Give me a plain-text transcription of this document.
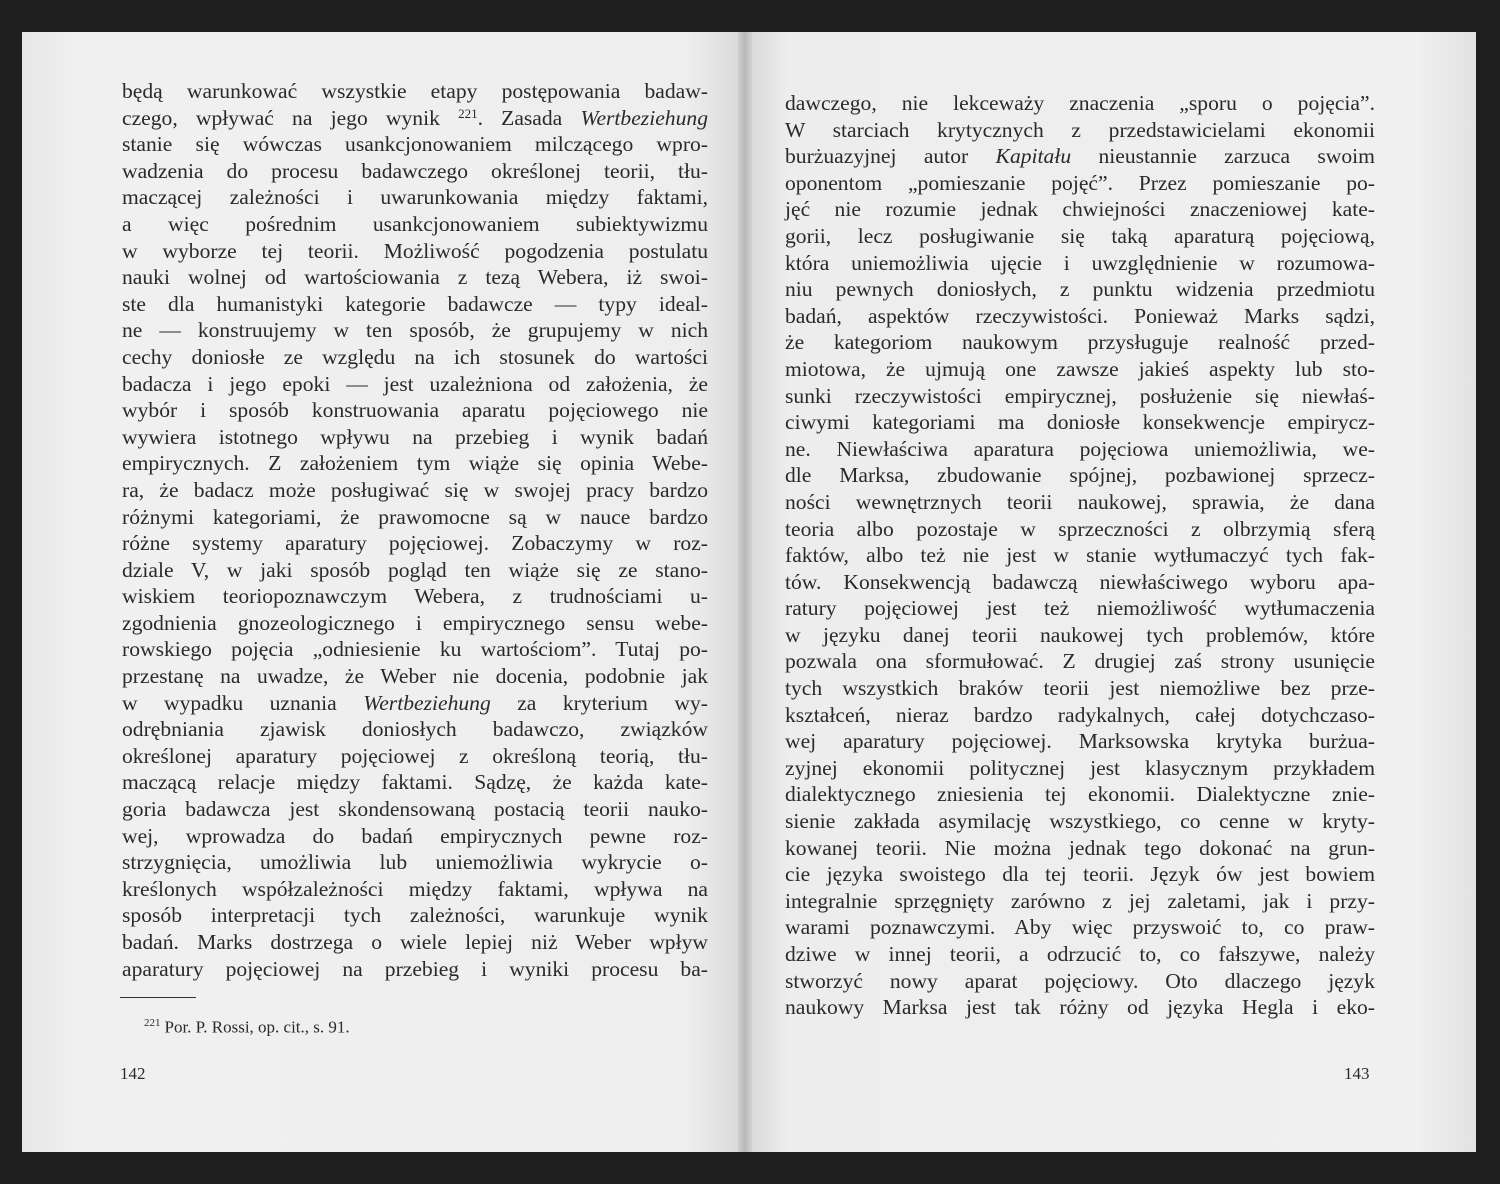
będą warunkować wszystkie etapy postępowania badaw-
czego, wpływać na jego wynik $^{221}$. Zasada Wertbeziehung
stanie się wówczas usankcjonowaniem milczącego wpro-
wadzenia do procesu badawczego określonej teorii, tłu-
maczącej zależności i uwarunkowania między faktami,
a więc pośrednim usankcjonowaniem subiektywizmu
w wyborze tej teorii. Możliwość pogodzenia postulatu
nauki wolnej od wartościowania z tezą Webera, iż swoi-
ste dla humanistyki kategorie badawcze — typy ideal-
ne — konstruujemy w ten sposób, że grupujemy w nich
cechy doniosłe ze względu na ich stosunek do wartości
badacza i jego epoki — jest uzależniona od założenia, że
wybór i sposób konstruowania aparatu pojęciowego nie
wywiera istotnego wpływu na przebieg i wynik badań
empirycznych. Z założeniem tym wiąże się opinia Webe-
ra, że badacz może posługiwać się w swojej pracy bardzo
różnymi kategoriami, że prawomocne są w nauce bardzo
różne systemy aparatury pojęciowej. Zobaczymy w roz-
dziale V, w jaki sposób pogląd ten wiąże się ze stano-
wiskiem teoriopoznawczym Webera, z trudnościami u-
zgodnienia gnozeologicznego i empirycznego sensu webe-
rowskiego pojęcia „odniesienie ku wartościom”. Tutaj po-
przestanę na uwadze, że Weber nie docenia, podobnie jak
w wypadku uznania Wertbeziehung za kryterium wy-
odrębniania zjawisk doniosłych badawczo, związków
określonej aparatury pojęciowej z określoną teorią, tłu-
maczącą relacje między faktami. Sądzę, że każda kate-
goria badawcza jest skondensowaną postacią teorii nauko-
wej, wprowadza do badań empirycznych pewne roz-
strzygnięcia, umożliwia lub uniemożliwia wykrycie o-
kreślonych współzależności między faktami, wpływa na
sposób interpretacji tych zależności, warunkuje wynik
badań. Marks dostrzega o wiele lepiej niż Weber wpływ
aparatury pojęciowej na przebieg i wyniki procesu ba-
$^{221}$ Por. P. Rossi, op. cit., s. 91.
142
dawczego, nie lekceważy znaczenia „sporu o pojęcia”.
W starciach krytycznych z przedstawicielami ekonomii
burżuazyjnej autor Kapitału nieustannie zarzuca swoim
oponentom „pomieszanie pojęć”. Przez pomieszanie po-
jęć nie rozumie jednak chwiejności znaczeniowej kate-
gorii, lecz posługiwanie się taką aparaturą pojęciową,
która uniemożliwia ujęcie i uwzględnienie w rozumowa-
niu pewnych doniosłych, z punktu widzenia przedmiotu
badań, aspektów rzeczywistości. Ponieważ Marks sądzi,
że kategoriom naukowym przysługuje realność przed-
miotowa, że ujmują one zawsze jakieś aspekty lub sto-
sunki rzeczywistości empirycznej, posłużenie się niewłaś-
ciwymi kategoriami ma doniosłe konsekwencje empirycz-
ne. Niewłaściwa aparatura pojęciowa uniemożliwia, we-
dle Marksa, zbudowanie spójnej, pozbawionej sprzecz-
ności wewnętrznych teorii naukowej, sprawia, że dana
teoria albo pozostaje w sprzeczności z olbrzymią sferą
faktów, albo też nie jest w stanie wytłumaczyć tych fak-
tów. Konsekwencją badawczą niewłaściwego wyboru apa-
ratury pojęciowej jest też niemożliwość wytłumaczenia
w języku danej teorii naukowej tych problemów, które
pozwala ona sformułować. Z drugiej zaś strony usunięcie
tych wszystkich braków teorii jest niemożliwe bez prze-
kształceń, nieraz bardzo radykalnych, całej dotychczaso-
wej aparatury pojęciowej. Marksowska krytyka burżua-
zyjnej ekonomii politycznej jest klasycznym przykładem
dialektycznego zniesienia tej ekonomii. Dialektyczne znie-
sienie zakłada asymilację wszystkiego, co cenne w kryty-
kowanej teorii. Nie można jednak tego dokonać na grun-
cie języka swoistego dla tej teorii. Język ów jest bowiem
integralnie sprzęgnięty zarówno z jej zaletami, jak i przy-
warami poznawczymi. Aby więc przyswoić to, co praw-
dziwe w innej teorii, a odrzucić to, co fałszywe, należy
stworzyć nowy aparat pojęciowy. Oto dlaczego język
naukowy Marksa jest tak różny od języka Hegla i eko-
143
